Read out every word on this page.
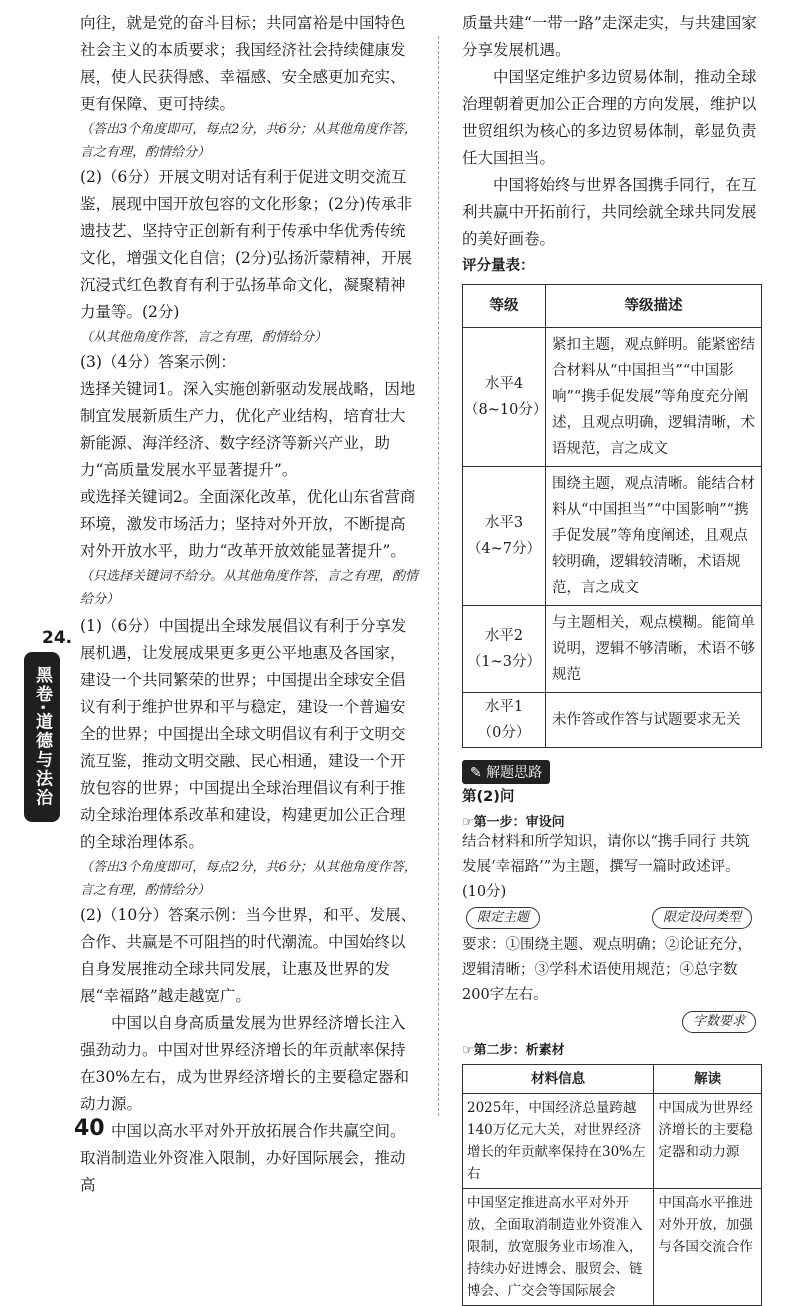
向往，就是党的奋斗目标；共同富裕是中国特色社会主义的本质要求；我国经济社会持续健康发展，使人民获得感、幸福感、安全感更加充实、更有保障、更可持续。

（答出3个角度即可，每点2分，共6分；从其他角度作答，言之有理，酌情给分）

(2)（6分）开展文明对话有利于促进文明交流互鉴，展现中国开放包容的文化形象；(2分)传承非遗技艺、坚持守正创新有利于传承中华优秀传统文化，增强文化自信；(2分)弘扬沂蒙精神，开展沉浸式红色教育有利于弘扬革命文化，凝聚精神力量等。(2分)

（从其他角度作答，言之有理，酌情给分）

(3)（4分）答案示例：

选择关键词1。深入实施创新驱动发展战略，因地制宜发展新质生产力，优化产业结构，培育壮大新能源、海洋经济、数字经济等新兴产业，助力“高质量发展水平显著提升”。

或选择关键词2。全面深化改革，优化山东省营商环境，激发市场活力；坚持对外开放，不断提高对外开放水平，助力“改革开放效能显著提升”。

（只选择关键词不给分。从其他角度作答，言之有理，酌情给分）

(1)（6分）中国提出全球发展倡议有利于分享发展机遇，让发展成果更多更公平地惠及各国家，建设一个共同繁荣的世界；中国提出全球安全倡议有利于维护世界和平与稳定，建设一个普遍安全的世界；中国提出全球文明倡议有利于文明交流互鉴，推动文明交融、民心相通，建设一个开放包容的世界；中国提出全球治理倡议有利于推动全球治理体系改革和建设，构建更加公正合理的全球治理体系。

（答出3个角度即可，每点2分，共6分；从其他角度作答，言之有理，酌情给分）

(2)（10分）答案示例：当今世界，和平、发展、合作、共赢是不可阻挡的时代潮流。中国始终以自身发展推动全球共同发展，让惠及世界的发展“幸福路”越走越宽广。

中国以自身高质量发展为世界经济增长注入强劲动力。中国对世界经济增长的年贡献率保持在30%左右，成为世界经济增长的主要稳定器和动力源。

中国以高水平对外开放拓展合作共赢空间。取消制造业外资准入限制，办好国际展会，推动高

24.
黑卷·道德与法治
40

质量共建“一带一路”走深走实，与共建国家分享发展机遇。

中国坚定维护多边贸易体制，推动全球治理朝着更加公正合理的方向发展，维护以世贸组织为核心的多边贸易体制，彰显负责任大国担当。

中国将始终与世界各国携手同行，在互利共赢中开拓前行，共同绘就全球共同发展的美好画卷。

评分量表：

等级	等级描述
水平4
（8~10分）	紧扣主题，观点鲜明。能紧密结合材料从“中国担当”“中国影响”“携手促发展”等角度充分阐述，且观点明确，逻辑清晰，术语规范，言之成文
水平3
（4~7分）	围绕主题，观点清晰。能结合材料从“中国担当”“中国影响”“携手促发展”等角度阐述，且观点较明确，逻辑较清晰，术语规范，言之成文
水平2
（1~3分）	与主题相关，观点模糊。能简单说明，逻辑不够清晰，术语不够规范
水平1
（0分）	未作答或作答与试题要求无关
✎ 解题思路

第(2)问

☞第一步：审设问

结合材料和所学知识，请你以“携手同行 共筑发展‘幸福路’”为主题，撰写一篇时政述评。(10分)

限定主题	限定设问类型

要求：①围绕主题、观点明确；②论证充分，逻辑清晰；③学科术语使用规范；④总字数200字左右。

字数要求
☞第二步：析素材
材料信息	解读
2025年，中国经济总量跨越140万亿元大关，对世界经济增长的年贡献率保持在30%左右	中国成为世界经济增长的主要稳定器和动力源
中国坚定推进高水平对外开放，全面取消制造业外资准入限制，放宽服务业市场准入，持续办好进博会、服贸会、链博会、广交会等国际展会	中国高水平推进对外开放，加强与各国交流合作
